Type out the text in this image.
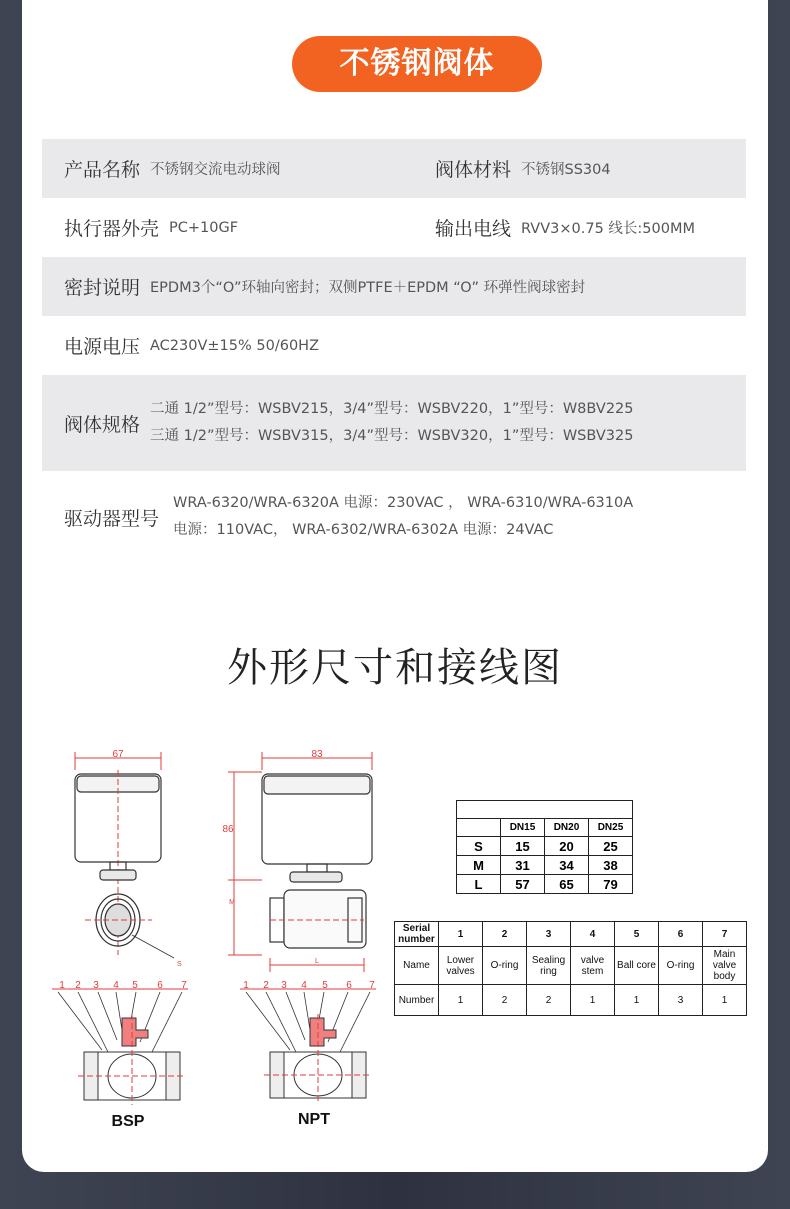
不锈钢阀体
产品名称 不锈钢交流电动球阀	阀体材料 不锈钢SS304
执行器外壳 PC+10GF	输出电线 RVV3×0.75 线长:500MM
密封说明 EPDM3个“O”环轴向密封；双侧PTFE＋EPDM “O” 环弹性阀球密封
电源电压 AC230V±15% 50/60HZ
阀体规格
二通 1/2”型号：WSBV215，3/4”型号：WSBV220，1”型号：W8BV225
三通 1/2”型号：WSBV315，3/4”型号：WSBV320，1”型号：WSBV325
驱动器型号
WRA-6320/WRA-6320A 电源：230VAC ， WRA-6310/WRA-6310A
电源：110VAC， WRA-6302/WRA-6302A 电源：24VAC
外形尺寸和接线图
67
S
83
86
M
L
1 2 3 4 5 6 7
BSP
1 2 3 4 5 6 7
NPT

	DN15	DN20	DN25
S	15	20	25
M	31	34	38
L	57	65	79
Serial number	1	2	3	4	5	6	7
Name	Lower valves	O-ring	Sealing ring	valve stem	Ball core	O-ring	Main valve body
Number	1	2	2	1	1	3	1
